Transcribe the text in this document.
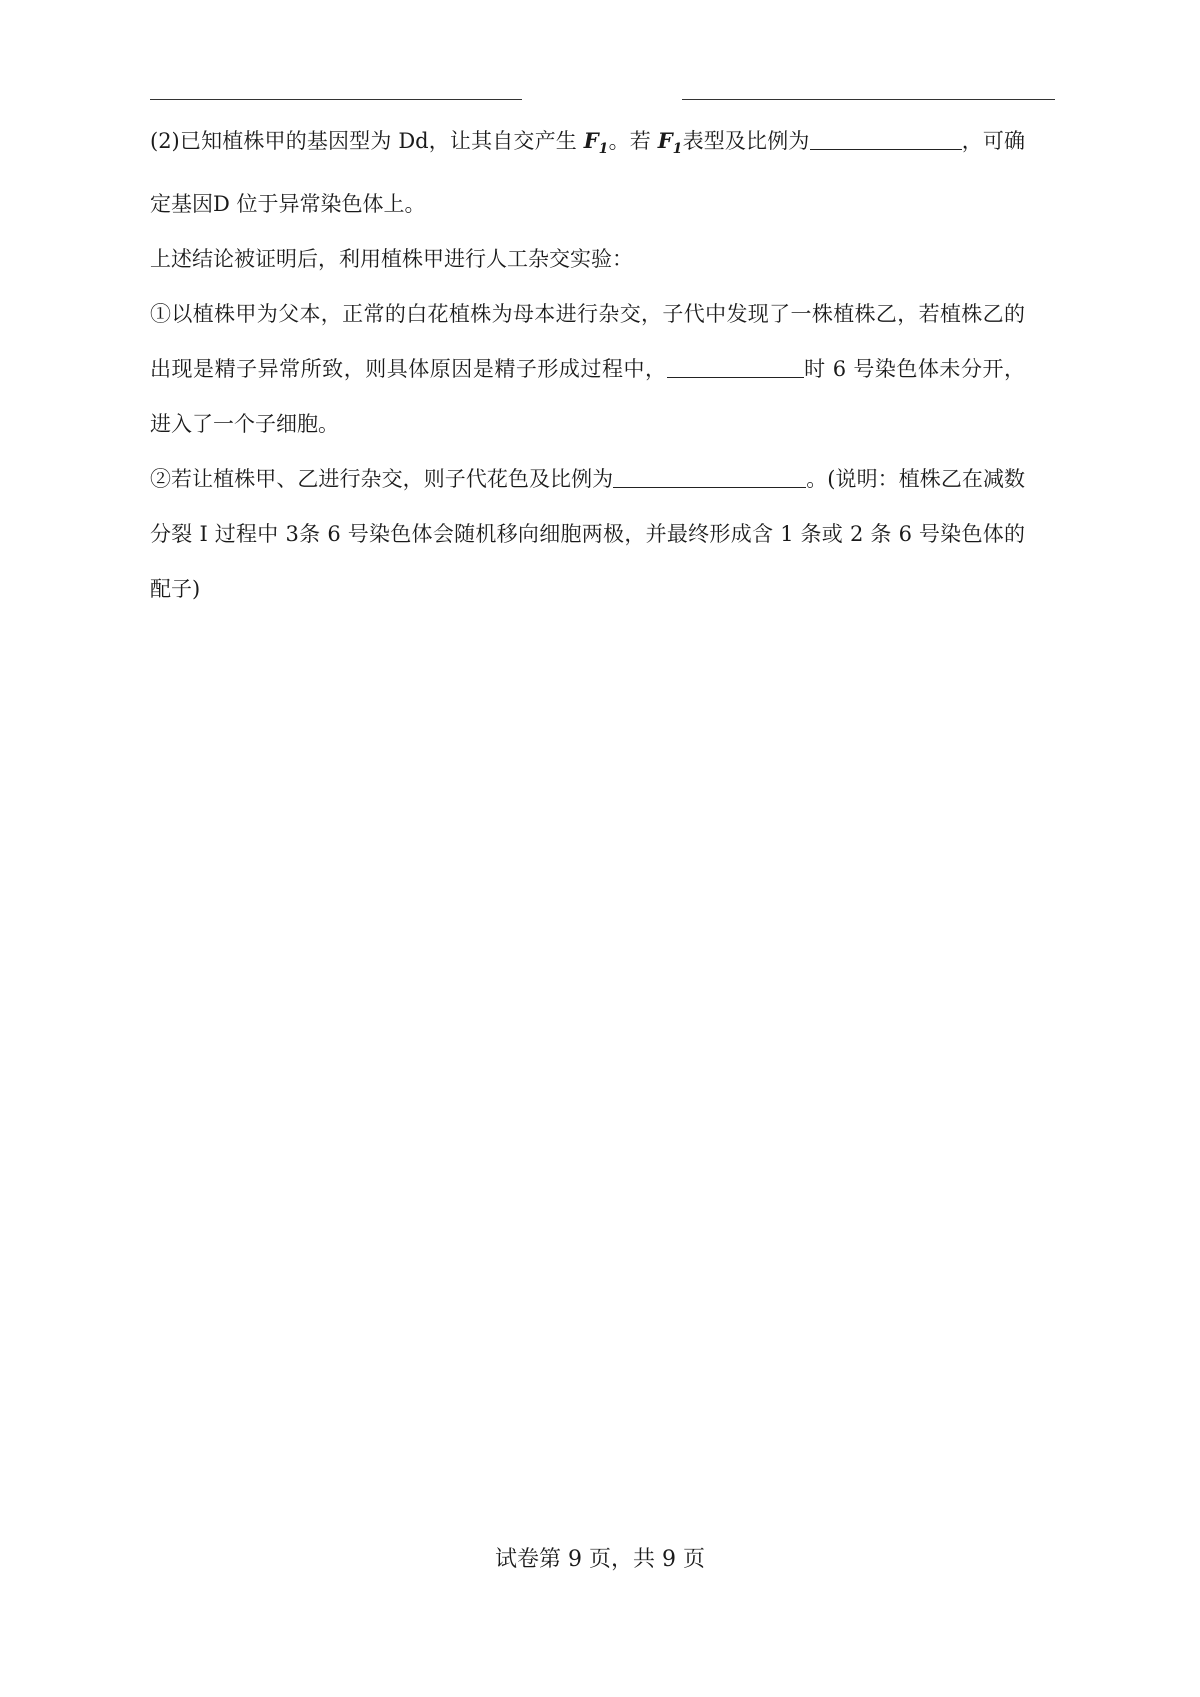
(2)已知植株甲的基因型为 Dd，让其自交产生 $F_1$。若 $F_1$表型及比例为	，可确定基因D 位于异常染色体上。

上述结论被证明后，利用植株甲进行人工杂交实验：

①以植株甲为父本，正常的白花植株为母本进行杂交，子代中发现了一株植株乙，若植株乙的出现是精子异常所致，则具体原因是精子形成过程中，	时 6 号染色体未分开，进入了一个子细胞。

②若让植株甲、乙进行杂交，则子代花色及比例为	。(说明：植株乙在减数分裂 I 过程中 3条 6 号染色体会随机移向细胞两极，并最终形成含 1 条或 2 条 6 号染色体的配子)

试卷第 9 页，共 9 页
